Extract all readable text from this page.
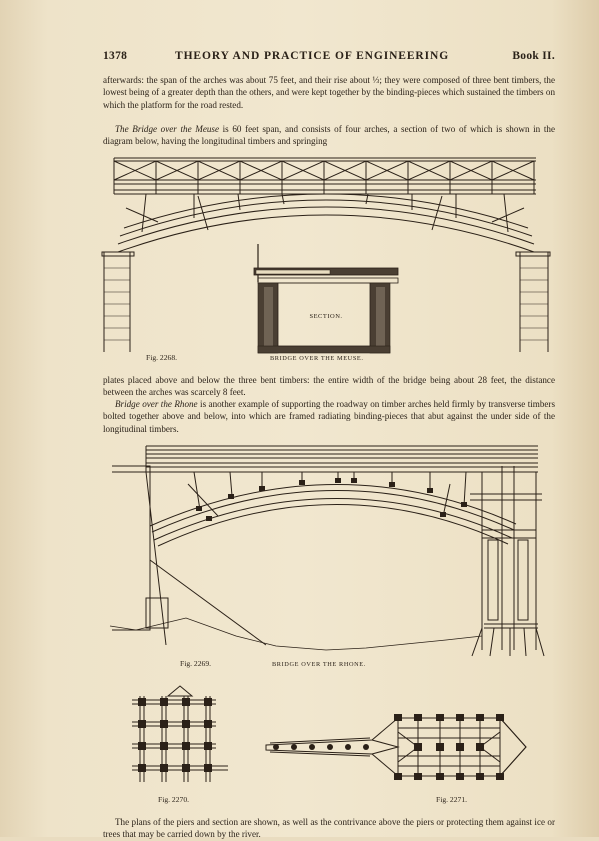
1378	THEORY AND PRACTICE OF ENGINEERING	Book II.

afterwards: the span of the arches was about 75 feet, and their rise about ⅓; they were composed of three bent timbers, the lowest being of a greater depth than the others, and were kept together by the binding-pieces which sustained the timbers on which the platform for the road rested.

The Bridge over the Meuse is 60 feet span, and consists of four arches, a section of two of which is shown in the diagram below, having the longitudinal timbers and springing

SECTION.
Fig. 2268.	BRIDGE OVER THE MEUSE.

plates placed above and below the three bent timbers: the entire width of the bridge being about 28 feet, the distance between the arches was scarcely 8 feet.

Bridge over the Rhone is another example of supporting the roadway on timber arches held firmly by transverse timbers bolted together above and below, into which are framed radiating binding-pieces that abut against the under side of the longitudinal timbers.

Fig. 2269.	BRIDGE OVER THE RHONE.
Fig. 2270.	Fig. 2271.

The plans of the piers and section are shown, as well as the contrivance above the piers or protecting them against ice or trees that may be carried down by the river.
